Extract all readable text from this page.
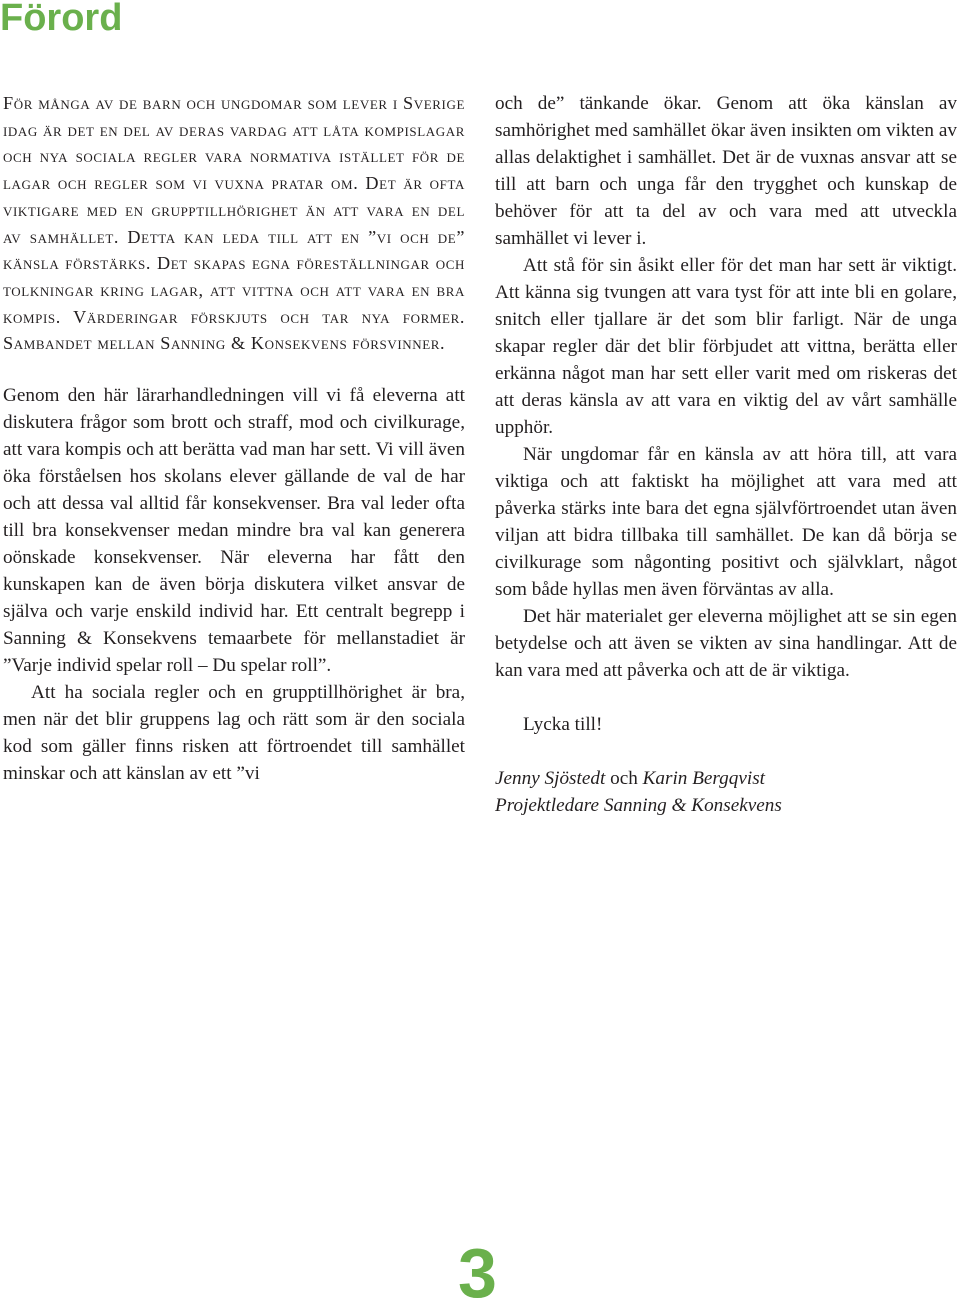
Förord

För många av de barn och ungdomar som lever i Sverige idag är det en del av deras vardag att låta kompislagar och nya sociala regler vara normativa istället för de lagar och regler som vi vuxna pratar om. Det är ofta viktigare med en grupptillhörighet än att vara en del av samhället. Detta kan leda till att en ”vi och de” känsla förstärks. Det skapas egna föreställningar och tolkningar kring lagar, att vittna och att vara en bra kompis. Värderingar förskjuts och tar nya former. Sambandet mellan Sanning & Konsekvens försvinner.

Genom den här lärarhandledningen vill vi få eleverna att diskutera frågor som brott och straff, mod och civilkurage, att vara kompis och att berätta vad man har sett. Vi vill även öka förståelsen hos skolans elever gällande de val de har och att dessa val alltid får konsekvenser. Bra val leder ofta till bra konsekvenser medan mindre bra val kan generera oönskade konsekvenser. När eleverna har fått den kunskapen kan de även börja diskutera vilket ansvar de själva och varje enskild individ har. Ett centralt begrepp i Sanning & Konsekvens temaarbete för mellanstadiet är ”Varje individ spelar roll – Du spelar roll”.

Att ha sociala regler och en grupptillhörighet är bra, men när det blir gruppens lag och rätt som är den sociala kod som gäller finns risken att förtroendet till samhället minskar och att känslan av ett ”vi

och de” tänkande ökar. Genom att öka känslan av samhörighet med samhället ökar även insikten om vikten av allas delaktighet i samhället. Det är de vuxnas ansvar att se till att barn och unga får den trygghet och kunskap de behöver för att ta del av och vara med att utveckla samhället vi lever i.

Att stå för sin åsikt eller för det man har sett är viktigt. Att känna sig tvungen att vara tyst för att inte bli en golare, snitch eller tjallare är det som blir farligt. När de unga skapar regler där det blir förbjudet att vittna, berätta eller erkänna något man har sett eller varit med om riskeras det att deras känsla av att vara en viktig del av vårt samhälle upphör.

När ungdomar får en känsla av att höra till, att vara viktiga och att faktiskt ha möjlighet att vara med att påverka stärks inte bara det egna självförtroendet utan även viljan att bidra tillbaka till samhället. De kan då börja se civilkurage som någonting positivt och självklart, något som både hyllas men även förväntas av alla.

Det här materialet ger eleverna möjlighet att se sin egen betydelse och att även se vikten av sina handlingar. Att de kan vara med att påverka och att de är viktiga.

Lycka till!

Jenny Sjöstedt och Karin Bergqvist
Projektledare Sanning & Konsekvens

3
